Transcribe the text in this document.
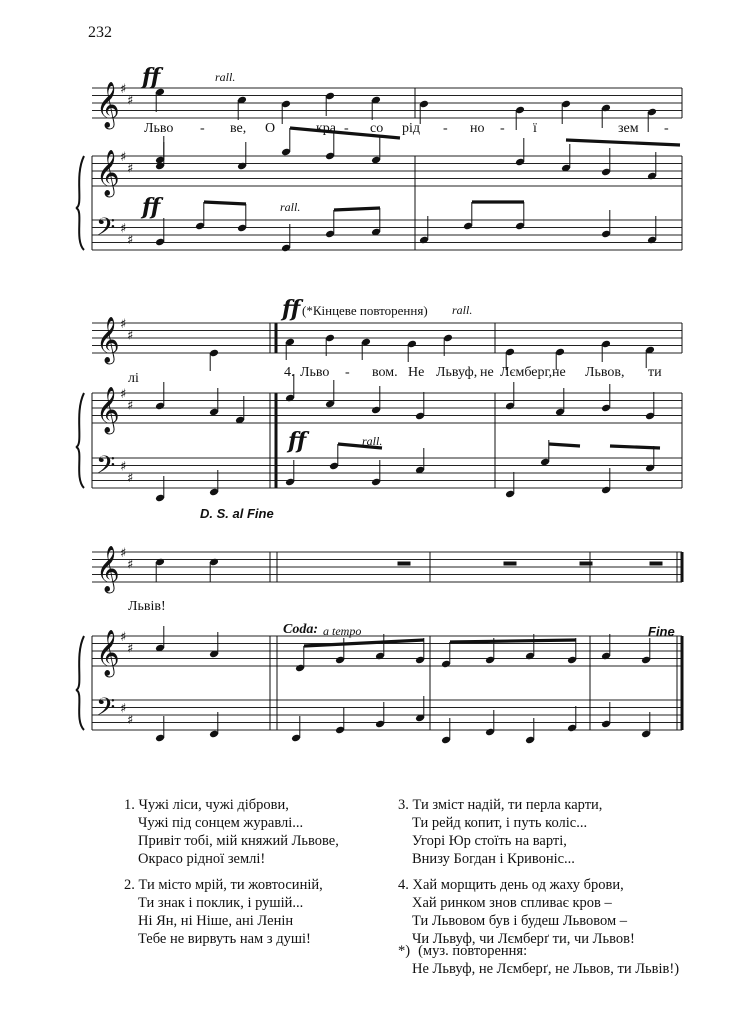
232
𝄞 ♯
♯
𝄞 ♯
♯
𝄢 ♯
♯
𝄞 ♯
♯
𝄞 ♯
♯
𝄢 ♯
♯
𝄞 ♯
♯
𝄞 ♯
♯
𝄢 ♯
♯
ff	rall.
ff	rall.
Льво - ве, О - кра - со рід - но - ї	зем -
ff (*Кінцеве повторення) rall.
лі	4. Льво - вом. Не Львуф, не Лємберг, не Львов, ти
ff	rall.
D. S. al Fine
Львів!
Coda: a tempo	Fine
1. Чужі ліси, чужі діброви,
Чужі під сонцем журавлі...
Привіт тобі, мій княжий Львове,
Окрасо рідної землі!
2. Ти місто мрій, ти жовтосиній,
Ти знак і поклик, і рушій...
Ні Ян, ні Ніше, ані Ленін
Тебе не вирвуть нам з душі!
3. Ти зміст надій, ти перла карти,
Ти рейд копит, і путь коліс...
Угорі Юр стоїть на варті,
Внизу Богдан і Кривоніс...
4. Хай морщить день од жаху брови,
Хай ринком знов спливає кров –
Ти Львовом був і будеш Львовом –
Чи Львуф, чи Лємберґ ти, чи Львов!
*) (муз. повторення:
Не Львуф, не Лємберґ, не Львов, ти Львів!)
